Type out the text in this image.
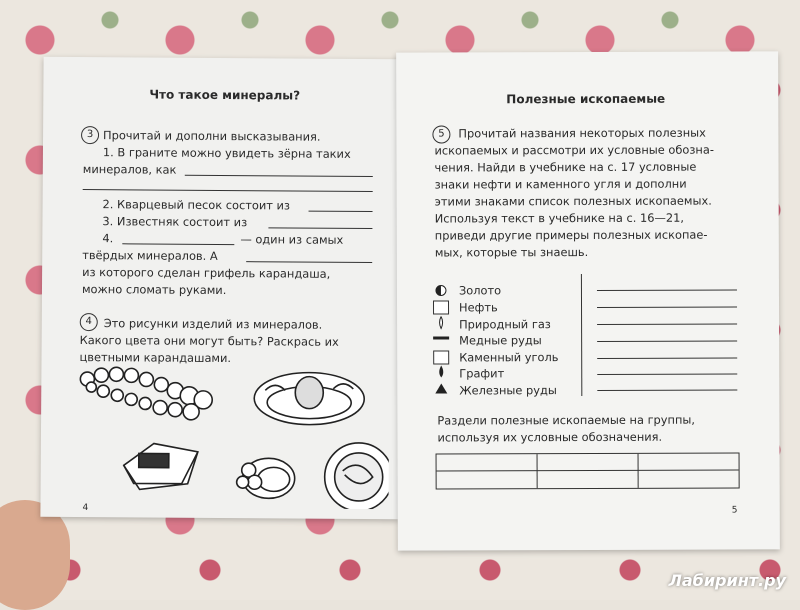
Что такое минералы?
3 Прочитай и дополни высказывания.
1. В граните можно увидеть зёрна таких
минералов, как
2. Кварцевый песок состоит из
3. Известняк состоит из
4.	— один из самых
твёрдых минералов. А
из которого сделан грифель карандаша,
можно сломать руками.
4	Это рисунки изделий из минералов.
Какого цвета они могут быть? Раскрась их
цветными карандашами.
4
Полезные ископаемые
5	Прочитай названия некоторых полезных
ископаемых и рассмотри их условные обозна-
чения. Найди в учебнике на с. 17 условные
знаки нефти и каменного угля и дополни
этими знаками список полезных ископаемых.
Используя текст в учебнике на с. 16—21,
приведи другие примеры полезных ископае-
мых, которые ты знаешь.
Золото
Нефть
Природный газ
Медные руды
Каменный уголь
Графит
Железные руды
Раздели полезные ископаемые на группы,
используя их условные обозначения.
5
Лабиринт.ру
